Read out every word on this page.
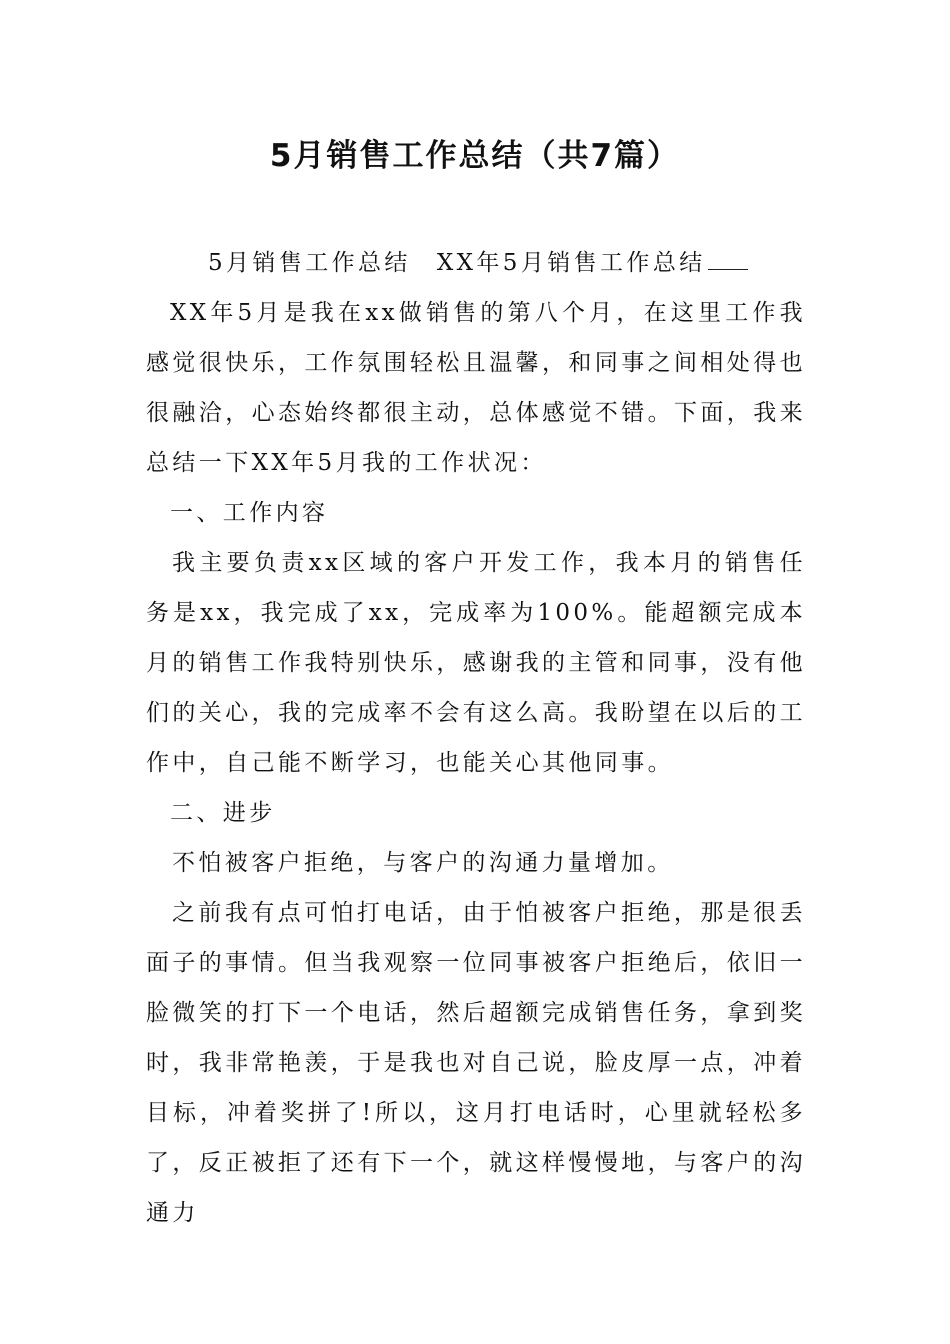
5月销售工作总结（共7篇）

5月销售工作总结 XX年5月销售工作总结

XX年5月是我在xx做销售的第八个月，在这里工作我感觉很快乐，工作氛围轻松且温馨，和同事之间相处得也很融洽，心态始终都很主动，总体感觉不错。下面，我来总结一下XX年5月我的工作状况：

一、工作内容

我主要负责xx区域的客户开发工作，我本月的销售任务是xx，我完成了xx，完成率为100%。能超额完成本月的销售工作我特别快乐，感谢我的主管和同事，没有他们的关心，我的完成率不会有这么高。我盼望在以后的工作中，自己能不断学习，也能关心其他同事。

二、进步

不怕被客户拒绝，与客户的沟通力量增加。

之前我有点可怕打电话，由于怕被客户拒绝，那是很丢面子的事情。但当我观察一位同事被客户拒绝后，依旧一脸微笑的打下一个电话，然后超额完成销售任务，拿到奖时，我非常艳羡，于是我也对自己说，脸皮厚一点，冲着目标，冲着奖拼了!所以，这月打电话时，心里就轻松多了，反正被拒了还有下一个，就这样慢慢地，与客户的沟通力
